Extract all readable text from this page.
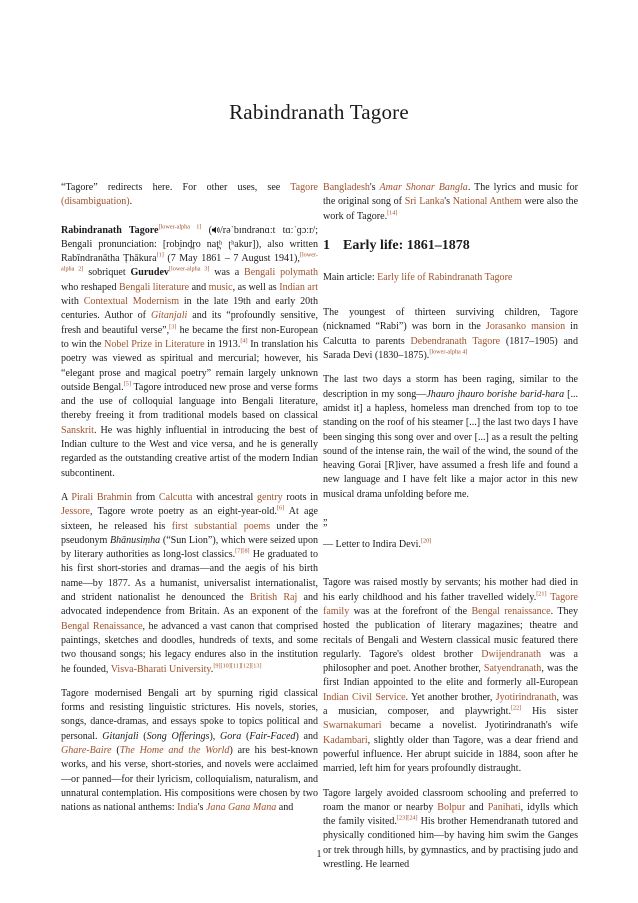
Rabindranath Tagore

“Tagore” redirects here. For other uses, see Tagore (disambiguation).

Rabindranath Tagore[lower-alpha 1] ( /rəˈbɪndrənɑːt tɑːˈɡɔːr/; Bengali pronunciation: [rob͈ind̪ro nat̪ʰ ʈʰakur]), also written Rabīndranātha Ṭhākura[1] (7 May 1861 – 7 August 1941),[lower-alpha 2] sobriquet Gurudev[lower-alpha 3] was a Bengali polymath who reshaped Bengali literature and music, as well as Indian art with Contextual Modernism in the late 19th and early 20th centuries. Author of Gitanjali and its “profoundly sensitive, fresh and beautiful verse”,[3] he became the first non-European to win the Nobel Prize in Literature in 1913.[4] In translation his poetry was viewed as spiritual and mercurial; however, his “elegant prose and magical poetry” remain largely unknown outside Bengal.[5] Tagore introduced new prose and verse forms and the use of colloquial language into Bengali literature, thereby freeing it from traditional models based on classical Sanskrit. He was highly influential in introducing the best of Indian culture to the West and vice versa, and he is generally regarded as the outstanding creative artist of the modern Indian subcontinent.

A Pirali Brahmin from Calcutta with ancestral gentry roots in Jessore, Tagore wrote poetry as an eight-year-old.[6] At age sixteen, he released his first substantial poems under the pseudonym Bhānusiṃha (“Sun Lion”), which were seized upon by literary authorities as long-lost classics.[7][8] He graduated to his first short-stories and dramas—and the aegis of his birth name—by 1877. As a humanist, universalist internationalist, and strident nationalist he denounced the British Raj and advocated independence from Britain. As an exponent of the Bengal Renaissance, he advanced a vast canon that comprised paintings, sketches and doodles, hundreds of texts, and some two thousand songs; his legacy endures also in the institution he founded, Visva-Bharati University.[9][10][11][12][13]

Tagore modernised Bengali art by spurning rigid classical forms and resisting linguistic strictures. His novels, stories, songs, dance-dramas, and essays spoke to topics political and personal. Gitanjali (Song Offerings), Gora (Fair-Faced) and Ghare-Baire (The Home and the World) are his best-known works, and his verse, short-stories, and novels were acclaimed—or panned—for their lyricism, colloquialism, naturalism, and unnatural contemplation. His compositions were chosen by two nations as national anthems: India's Jana Gana Mana and

Bangladesh's Amar Shonar Bangla. The lyrics and music for the original song of Sri Lanka's National Anthem were also the work of Tagore.[14]

1 Early life: 1861–1878

Main article: Early life of Rabindranath Tagore

The youngest of thirteen surviving children, Tagore (nicknamed “Rabi”) was born in the Jorasanko mansion in Calcutta to parents Debendranath Tagore (1817–1905) and Sarada Devi (1830–1875).[lower-alpha 4]

The last two days a storm has been raging, similar to the description in my song—Jhauro jhauro borishe barid-hara [... amidst it] a hapless, homeless man drenched from top to toe standing on the roof of his steamer [...] the last two days I have been singing this song over and over [...] as a result the pelting sound of the intense rain, the wail of the wind, the sound of the heaving Gorai [R]iver, have assumed a fresh life and found a new language and I have felt like a major actor in this new musical drama unfolding before me.

„

”

— Letter to Indira Devi.[20]

Tagore was raised mostly by servants; his mother had died in his early childhood and his father travelled widely.[21] Tagore family was at the forefront of the Bengal renaissance. They hosted the publication of literary magazines; theatre and recitals of Bengali and Western classical music featured there regularly. Tagore's oldest brother Dwijendranath was a philosopher and poet. Another brother, Satyendranath, was the first Indian appointed to the elite and formerly all-European Indian Civil Service. Yet another brother, Jyotirindranath, was a musician, composer, and playwright.[22] His sister Swarnakumari became a novelist. Jyotirindranath's wife Kadambari, slightly older than Tagore, was a dear friend and powerful influence. Her abrupt suicide in 1884, soon after he married, left him for years profoundly distraught.

Tagore largely avoided classroom schooling and preferred to roam the manor or nearby Bolpur and Panihati, idylls which the family visited.[23][24] His brother Hemendranath tutored and physically conditioned him—by having him swim the Ganges or trek through hills, by gymnastics, and by practising judo and wrestling. He learned

1
